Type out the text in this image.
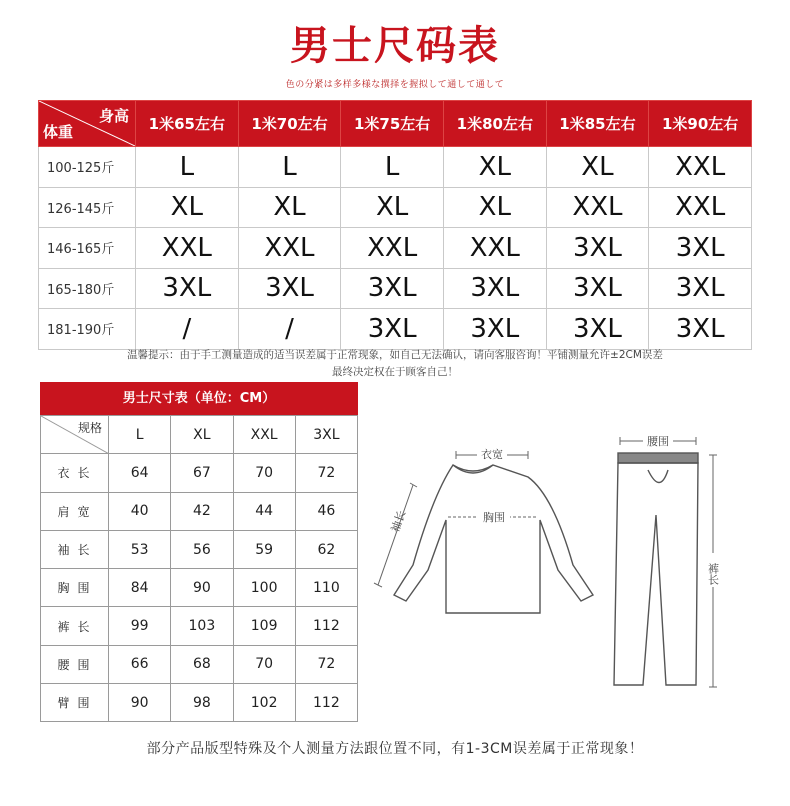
男士尺码表
色の分紧は多样多様な撰择を握拟して通して通して
身高
体重	1米65左右	1米70左右	1米75左右	1米80左右	1米85左右	1米90左右
100-125斤	L	L	L	XL	XL	XXL
126-145斤	XL	XL	XL	XL	XXL	XXL
146-165斤	XXL	XXL	XXL	XXL	3XL	3XL
165-180斤	3XL	3XL	3XL	3XL	3XL	3XL
181-190斤	/	/	3XL	3XL	3XL	3XL
温馨提示：由于手工测量造成的适当误差属于正常现象，如自己无法确认，请向客服咨询！平铺测量允许±2CM误差
最终决定权在于顾客自己！
男士尺寸表（单位：CM）
规格	L	XL	XXL	3XL
衣长	64	67	70	72
肩宽	40	42	44	46
袖长	53	56	59	62
胸围	84	90	100	110
裤长	99	103	109	112
腰围	66	68	70	72
臂围	90	98	102	112
衣宽
胸围
袖长
腰围
裤长
部分产品版型特殊及个人测量方法跟位置不同，有1-3CM误差属于正常现象！
